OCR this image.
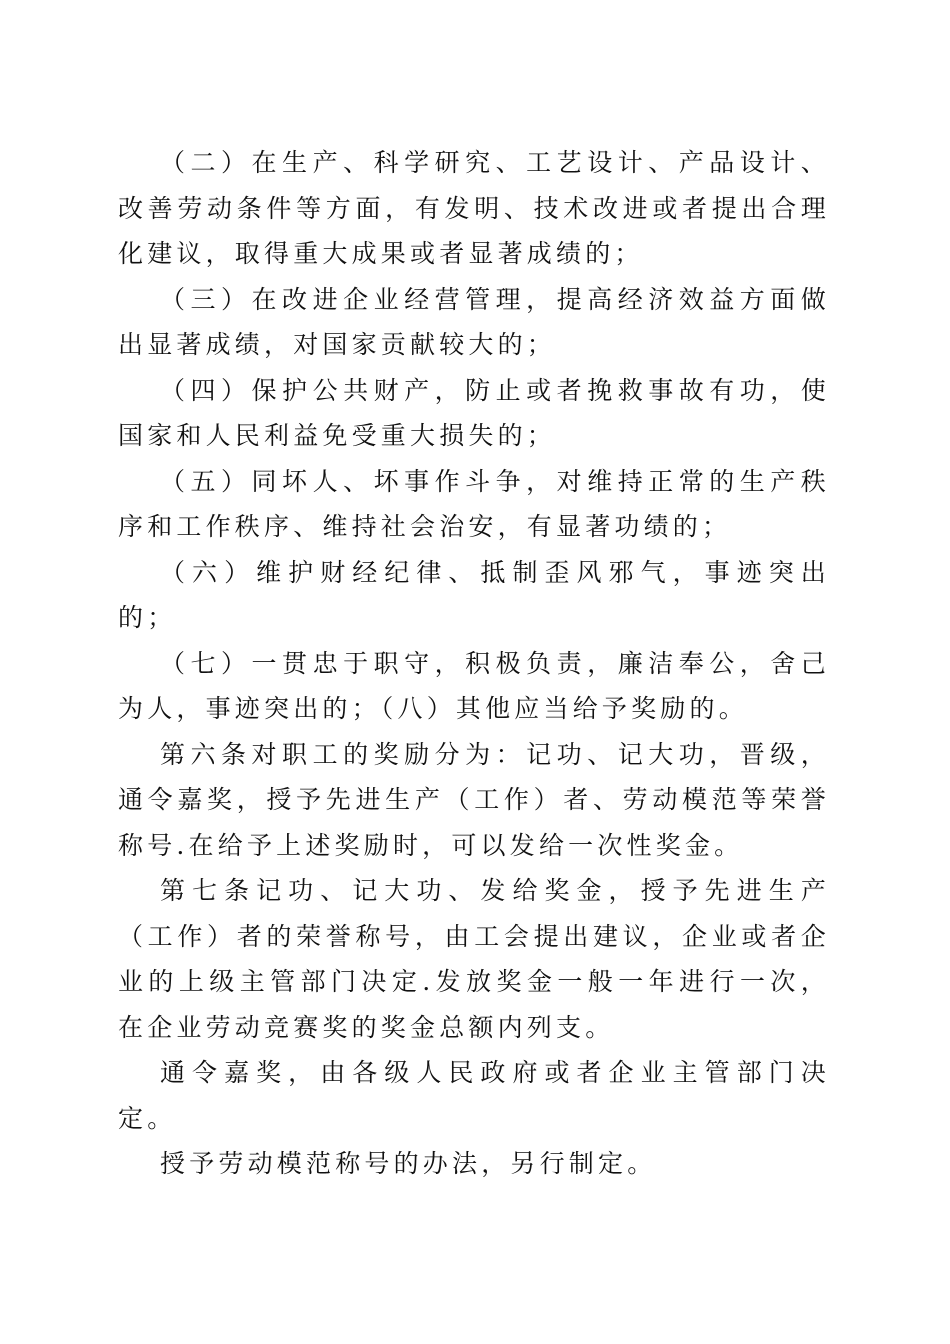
（二）在生产、科学研究、工艺设计、产品设计、改善劳动条件等方面，有发明、技术改进或者提出合理化建议，取得重大成果或者显著成绩的；

（三）在改进企业经营管理，提高经济效益方面做出显著成绩，对国家贡献较大的；

（四）保护公共财产，防止或者挽救事故有功，使国家和人民利益免受重大损失的；

（五）同坏人、坏事作斗争，对维持正常的生产秩序和工作秩序、维持社会治安，有显著功绩的；

（六）维护财经纪律、抵制歪风邪气，事迹突出的；

（七）一贯忠于职守，积极负责，廉洁奉公，舍己为人，事迹突出的；（八）其他应当给予奖励的。

第六条对职工的奖励分为：记功、记大功，晋级，通令嘉奖，授予先进生产（工作）者、劳动模范等荣誉称号.在给予上述奖励时，可以发给一次性奖金。

第七条记功、记大功、发给奖金，授予先进生产（工作）者的荣誉称号，由工会提出建议，企业或者企业的上级主管部门决定.发放奖金一般一年进行一次，在企业劳动竞赛奖的奖金总额内列支。

通令嘉奖，由各级人民政府或者企业主管部门决定。

授予劳动模范称号的办法，另行制定。
